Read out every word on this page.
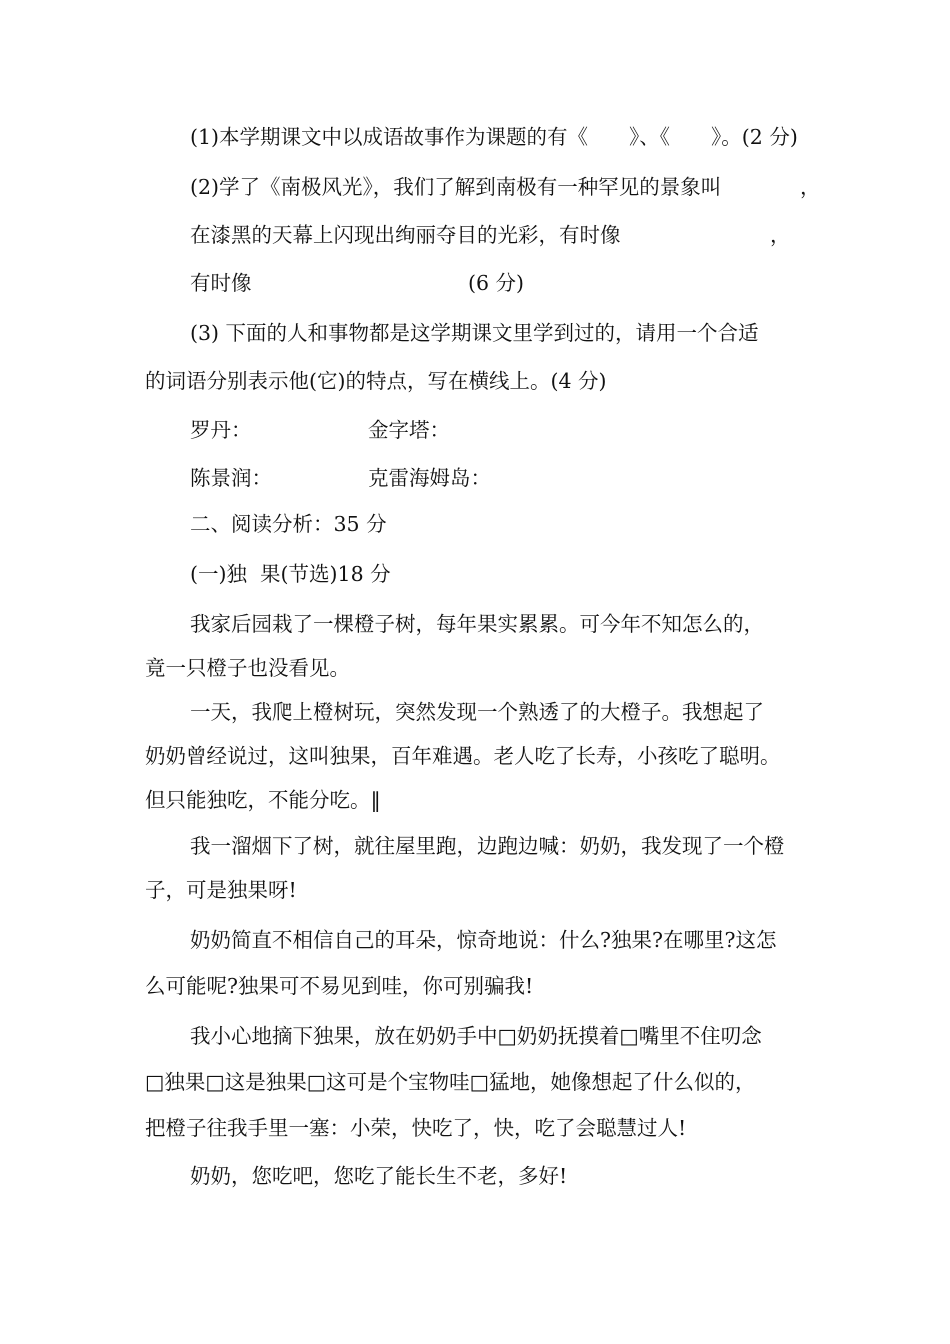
(1)本学期课文中以成语故事作为课题的有《　　》、《　　》。(2 分)
(2)学了《南极风光》，我们了解到南极有一种罕见的景象叫	，
在漆黑的天幕上闪现出绚丽夺目的光彩，有时像	，
有时像	(6 分)
(3) 下面的人和事物都是这学期课文里学到过的，请用一个合适
的词语分别表示他(它)的特点，写在横线上。(4 分)
罗丹：	金字塔：
陈景润：	克雷海姆岛：
二、阅读分析：35 分
(一)独  果(节选)18 分
我家后园栽了一棵橙子树，每年果实累累。可今年不知怎么的，
竟一只橙子也没看见。
一天，我爬上橙树玩，突然发现一个熟透了的大橙子。我想起了
奶奶曾经说过，这叫独果，百年难遇。老人吃了长寿，小孩吃了聪明。
但只能独吃，不能分吃。‖
我一溜烟下了树，就往屋里跑，边跑边喊：奶奶，我发现了一个橙
子，可是独果呀!
奶奶简直不相信自己的耳朵，惊奇地说：什么?独果?在哪里?这怎
么可能呢?独果可不易见到哇，你可别骗我!
我小心地摘下独果，放在奶奶手中□奶奶抚摸着□嘴里不住叨念
□独果□这是独果□这可是个宝物哇□猛地，她像想起了什么似的，
把橙子往我手里一塞：小荣，快吃了，快，吃了会聪慧过人!
奶奶，您吃吧，您吃了能长生不老，多好!
